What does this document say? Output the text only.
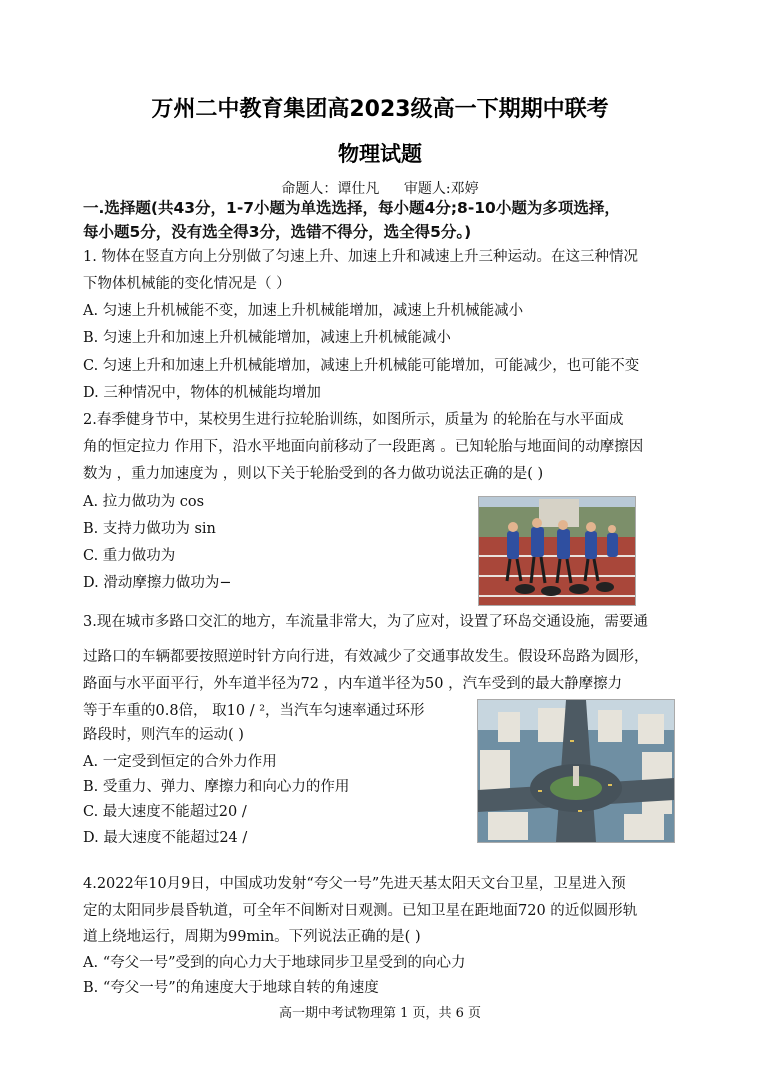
万州二中教育集团高2023级高一下期期中联考
物理试题
命题人：谭仕凡 审题人:邓婷
一.选择题(共43分，1-7小题为单选选择，每小题4分;8-10小题为多项选择，
每小题5分，没有选全得3分，选错不得分，选全得5分。)
1. 物体在竖直方向上分别做了匀速上升、加速上升和减速上升三种运动。在这三种情况
下物体机械能的变化情况是（ ）
A. 匀速上升机械能不变，加速上升机械能增加，减速上升机械能减小
B. 匀速上升和加速上升机械能增加，减速上升机械能减小
C. 匀速上升和加速上升机械能增加，减速上升机械能可能增加，可能减少，也可能不变
D. 三种情况中，物体的机械能均增加
2.春季健身节中，某校男生进行拉轮胎训练，如图所示，质量为 的轮胎在与水平面成
角的恒定拉力 作用下，沿水平地面向前移动了一段距离 。已知轮胎与地面间的动摩擦因
数为 ，重力加速度为 ，则以下关于轮胎受到的各力做功说法正确的是( )
A. 拉力做功为 cos
B. 支持力做功为 sin
C. 重力做功为
D. 滑动摩擦力做功为−
3.现在城市多路口交汇的地方，车流量非常大，为了应对，设置了环岛交通设施，需要通
过路口的车辆都要按照逆时针方向行进，有效减少了交通事故发生。假设环岛路为圆形，
路面与水平面平行，外车道半径为72 ，内车道半径为50 ，汽车受到的最大静摩擦力
等于车重的0.8倍， 取10 / ²，当汽车匀速率通过环形
路段时，则汽车的运动( )
A. 一定受到恒定的合外力作用
B. 受重力、弹力、摩擦力和向心力的作用
C. 最大速度不能超过20 /
D. 最大速度不能超过24 /
4.2022年10月9日，中国成功发射“夸父一号”先进天基太阳天文台卫星，卫星进入预
定的太阳同步晨昏轨道，可全年不间断对日观测。已知卫星在距地面720 的近似圆形轨
道上绕地运行，周期为99min。下列说法正确的是( )
A. “夸父一号”受到的向心力大于地球同步卫星受到的向心力
B. “夸父一号”的角速度大于地球自转的角速度
高一期中考试物理第 1 页，共 6 页
